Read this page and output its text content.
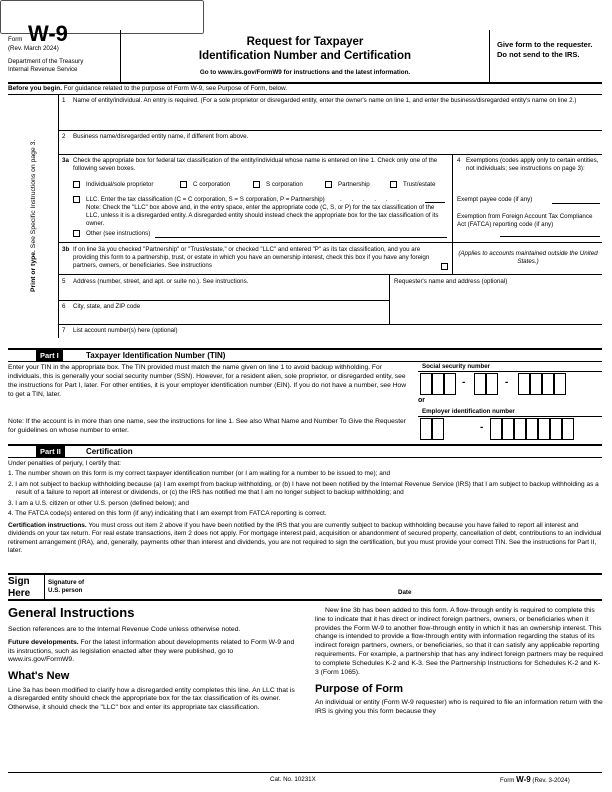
Form W-9
(Rev. March 2024)
Department of the Treasury
Internal Revenue Service
Request for Taxpayer
Identification Number and Certification
Go to www.irs.gov/FormW9 for instructions and the latest information.
Give form to the requester. Do not send to the IRS.
Before you begin. For guidance related to the purpose of Form W-9, see Purpose of Form, below.
Print or type. See Specific Instructions on page 3.
1 Name of entity/individual. An entry is required. (For a sole proprietor or disregarded entity, enter the owner's name on line 1, and enter the business/disregarded entity's name on line 2.)
2 Business name/disregarded entity name, if different from above.
3a Check the appropriate box for federal tax classification of the entity/individual whose name is entered on line 1. Check only one of the following seven boxes.
Individual/sole proprietor	C corporation	S corporation	Partnership	Trust/estate
LLC. Enter the tax classification (C = C corporation, S = S corporation, P = Partnership) . . . . . .
Note: Check the "LLC" box above and, in the entry space, enter the appropriate code (C, S, or P) for the tax classification of the LLC, unless it is a disregarded entity. A disregarded entity should instead check the appropriate box for the tax classification of its owner.
Other (see instructions)
4 Exemptions (codes apply only to certain entities, not individuals; see instructions on page 3):
Exempt payee code (if any)
Exemption from Foreign Account Tax Compliance Act (FATCA) reporting code (if any)
3b If on line 3a you checked "Partnership" or "Trust/estate," or checked "LLC" and entered "P" as its tax classification, and you are providing this form to a partnership, trust, or estate in which you have an ownership interest, check this box if you have any foreign partners, owners, or beneficiaries. See instructions
(Applies to accounts maintained outside the United States.)
5 Address (number, street, and apt. or suite no.). See instructions.	Requester's name and address (optional)
6 City, state, and ZIP code
7 List account number(s) here (optional)
Part I	Taxpayer Identification Number (TIN)
Enter your TIN in the appropriate box. The TIN provided must match the name given on line 1 to avoid backup withholding. For individuals, this is generally your social security number (SSN). However, for a resident alien, sole proprietor, or disregarded entity, see the instructions for Part I, later. For other entities, it is your employer identification number (EIN). If you do not have a number, see How to get a TIN, later.
Note: If the account is in more than one name, see the instructions for line 1. See also What Name and Number To Give the Requester for guidelines on whose number to enter.
Social security number
-	-
or
Employer identification number
-
Part II	Certification
Under penalties of perjury, I certify that:
1. The number shown on this form is my correct taxpayer identification number (or I am waiting for a number to be issued to me); and
2. I am not subject to backup withholding because (a) I am exempt from backup withholding, or (b) I have not been notified by the Internal Revenue Service (IRS) that I am subject to backup withholding as a result of a failure to report all interest or dividends, or (c) the IRS has notified me that I am no longer subject to backup withholding; and
3. I am a U.S. citizen or other U.S. person (defined below); and
4. The FATCA code(s) entered on this form (if any) indicating that I am exempt from FATCA reporting is correct.
Certification instructions. You must cross out item 2 above if you have been notified by the IRS that you are currently subject to backup withholding because you have failed to report all interest and dividends on your tax return. For real estate transactions, item 2 does not apply. For mortgage interest paid, acquisition or abandonment of secured property, cancellation of debt, contributions to an individual retirement arrangement (IRA), and, generally, payments other than interest and dividends, you are not required to sign the certification, but you must provide your correct TIN. See the instructions for Part II, later.
Sign
Here
Signature of
U.S. person	Date
General Instructions

Section references are to the Internal Revenue Code unless otherwise noted.

Future developments. For the latest information about developments related to Form W-9 and its instructions, such as legislation enacted after they were published, go to www.irs.gov/FormW9.

What's New

Line 3a has been modified to clarify how a disregarded entity completes this line. An LLC that is a disregarded entity should check the appropriate box for the tax classification of its owner. Otherwise, it should check the "LLC" box and enter its appropriate tax classification.

New line 3b has been added to this form. A flow-through entity is required to complete this line to indicate that it has direct or indirect foreign partners, owners, or beneficiaries when it provides the Form W-9 to another flow-through entity in which it has an ownership interest. This change is intended to provide a flow-through entity with information regarding the status of its indirect foreign partners, owners, or beneficiaries, so that it can satisfy any applicable reporting requirements. For example, a partnership that has any indirect foreign partners may be required to complete Schedules K-2 and K-3. See the Partnership Instructions for Schedules K-2 and K-3 (Form 1065).

Purpose of Form

An individual or entity (Form W-9 requester) who is required to file an information return with the IRS is giving you this form because they

Cat. No. 10231X	Form W-9 (Rev. 3-2024)
